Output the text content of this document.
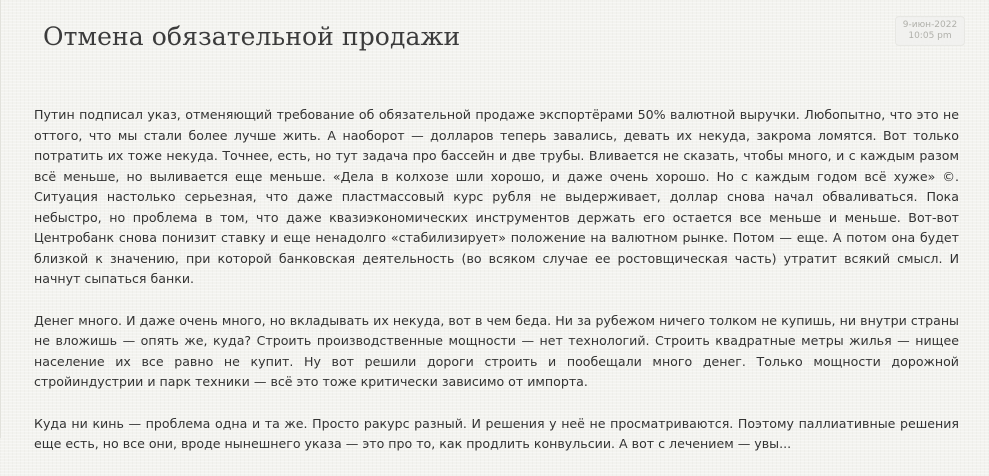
Отмена обязательной продажи	9-июн-2022
10:05 pm

Путин подписал указ, отменяющий требование об обязательной продаже экспортёрами 50% валютной выручки. Любопытно, что это не оттого, что мы стали более лучше жить. А наоборот — долларов теперь завались, девать их некуда, закрома ломятся. Вот только потратить их тоже некуда. Точнее, есть, но тут задача про бассейн и две трубы. Вливается не сказать, чтобы много, и с каждым разом всё меньше, но выливается еще меньше. «Дела в колхозе шли хорошо, и даже очень хорошо. Но с каждым годом всё хуже» ©. Ситуация настолько серьезная, что даже пластмассовый курс рубля не выдерживает, доллар снова начал обваливаться. Пока небыстро, но проблема в том, что даже квазиэкономических инструментов держать его остается все меньше и меньше. Вот-вот Центробанк снова понизит ставку и еще ненадолго «стабилизирует» положение на валютном рынке. Потом — еще. А потом она будет близкой к значению, при которой банковская деятельность (во всяком случае ее ростовщическая часть) утратит всякий смысл. И начнут сыпаться банки.

Денег много. И даже очень много, но вкладывать их некуда, вот в чем беда. Ни за рубежом ничего толком не купишь, ни внутри страны не вложишь — опять же, куда? Строить производственные мощности — нет технологий. Строить квадратные метры жилья — нищее население их все равно не купит. Ну вот решили дороги строить и пообещали много денег. Только мощности дорожной стройиндустрии и парк техники — всё это тоже критически зависимо от импорта.

Куда ни кинь — проблема одна и та же. Просто ракурс разный. И решения у неё не просматриваются. Поэтому паллиативные решения еще есть, но все они, вроде нынешнего указа — это про то, как продлить конвульсии. А вот с лечением — увы...
